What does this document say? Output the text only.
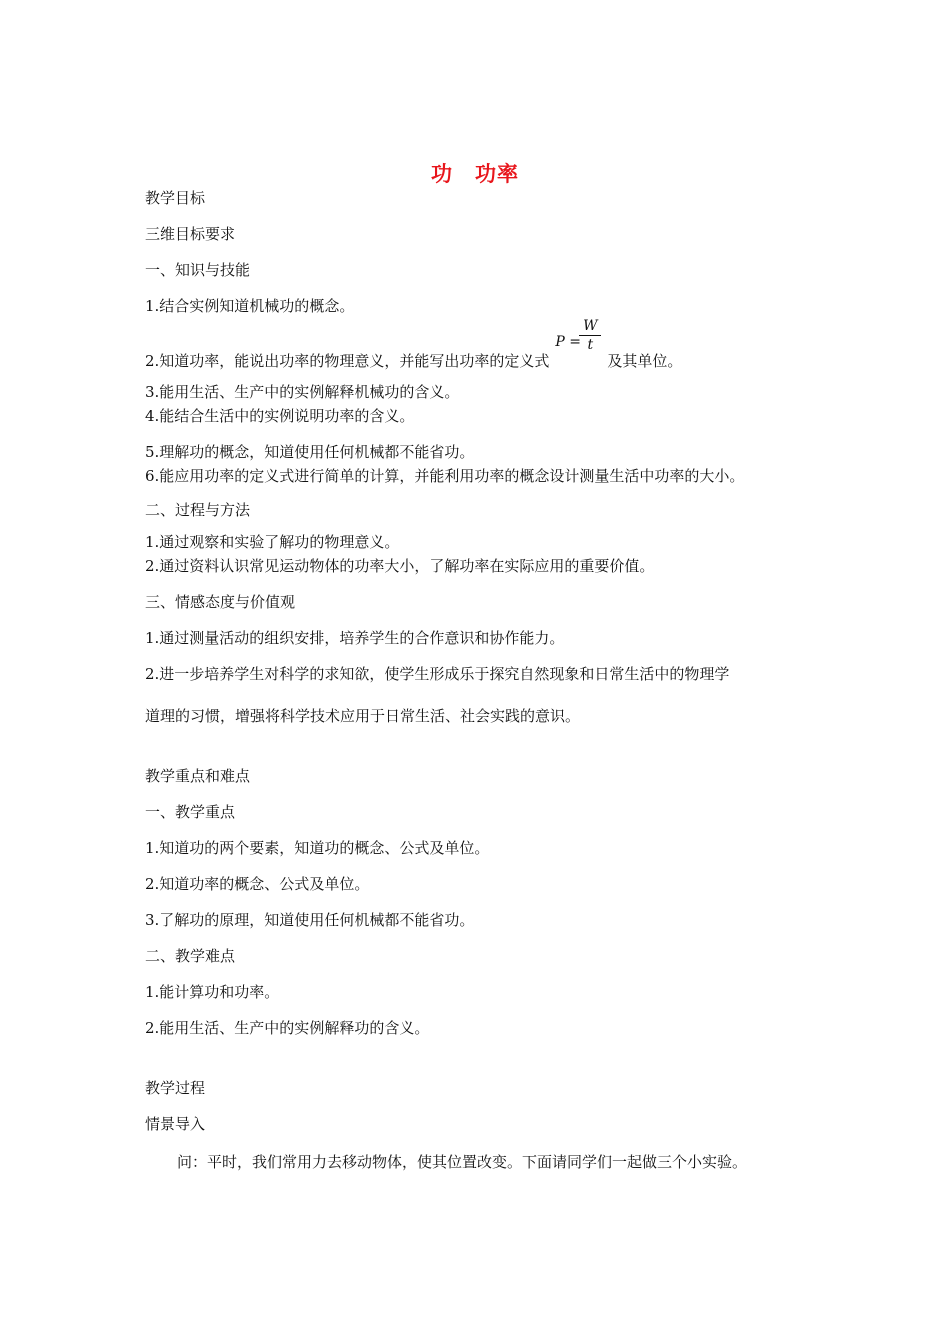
功　功率
教学目标
三维目标要求
一、知识与技能
1.结合实例知道机械功的概念。
2.知道功率，能说出功率的物理意义，并能写出功率的定义式
P =
W
t
及其单位。
3.能用生活、生产中的实例解释机械功的含义。
4.能结合生活中的实例说明功率的含义。
5.理解功的概念，知道使用任何机械都不能省功。
6.能应用功率的定义式进行简单的计算，并能利用功率的概念设计测量生活中功率的大小。
二、过程与方法
1.通过观察和实验了解功的物理意义。
2.通过资料认识常见运动物体的功率大小，了解功率在实际应用的重要价值。
三、情感态度与价值观
1.通过测量活动的组织安排，培养学生的合作意识和协作能力。
2.进一步培养学生对科学的求知欲，使学生形成乐于探究自然现象和日常生活中的物理学
道理的习惯，增强将科学技术应用于日常生活、社会实践的意识。
教学重点和难点
一、教学重点
1.知道功的两个要素，知道功的概念、公式及单位。
2.知道功率的概念、公式及单位。
3.了解功的原理，知道使用任何机械都不能省功。
二、教学难点
1.能计算功和功率。
2.能用生活、生产中的实例解释功的含义。
教学过程
情景导入
问：平时，我们常用力去移动物体，使其位置改变。下面请同学们一起做三个小实验。
